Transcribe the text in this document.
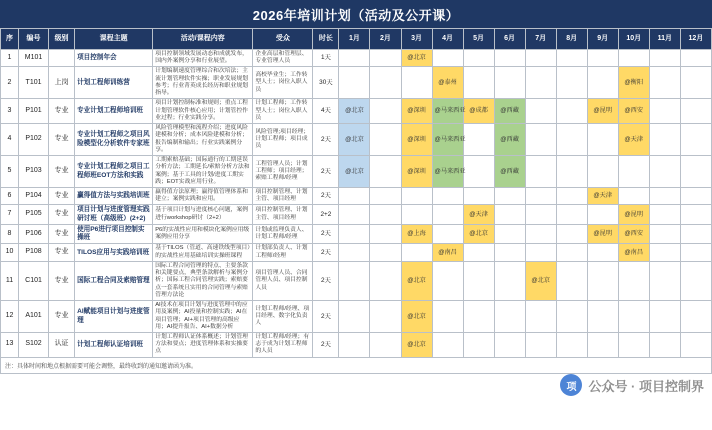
2026年培训计划（活动及公开课）
序	编号	级别	课程主题	活动/课程内容	受众	时长	1月	2月	3月	4月	5月	6月	7月	8月	9月	10月	11月	12月
1	M101		项目控制年会	项目控制领域发展动态和成就发布，国内外案例分享和行业展望。	企业高层和管理层、专业管理人员	1天			@北京									
2	T101	上岗	计划工程师训练营	计划编制速度管理综合和次培法；主流计划管理软件实操；职业发展规划参考；行业菁英成长经历和职业规划指导。	高校毕业生；工作转型人士；岗位入职人员	30天				@泰州						@衡阳		
3	P101	专业	专业计划工程师培训班	项目计划控制标准和规则；重点工程计划管理软件核心应用；计划管控作业过程；行业实践分享。	计划工程师；工作转型人士；岗位入职人员	4天	@北京		@深圳	@马来西亚	@成都	@西藏			@昆明	@西安		
4	P102	专业	专业计划工程师之项目风险模型化分析软件专家班	风险管理模型和流程介绍；进度风险建模和分析；成本风险建模和分析；报告编制和输出；行业实践案例分享。	风险管理;项目经理；计划工程师；项目成员	2天	@北京		@深圳	@马来西亚		@西藏				@天津		
5	P103	专业	专业计划工程师之项目工程师班EOT方法和实践	工期索赔基础；国际通行的工期延误分析方法；工期延长/索赔分析方法和案例；基于工具的计划/进度工期实践；EOT实战应用行业。	工程管理人员；计划工程师；项目经理；索赔工程师/经理	2天	@北京		@深圳	@马来西亚		@西藏						
6	P104	专业	赢得值方法与实践培训班	赢得值方法原理；赢得值管理体系和建立；案例实践和应用。	项目控制管理、计划主管、项目经理	2天									@天津			
7	P105	专业	项目计划与进度管理实践研讨班（高级班）(2+2)	基于项目计划与进度核心问题，案例进行workshop研讨（2+2）	项目控制管理、计划主管、项目经理	2+2					@天津					@昆明		
8	P106	专业	使用P6进行项目控制实操班	P6的实战性应用和模块化案例应用级案例应用分享	计划或监理负责人、计划工程师/经理	2天			@上海		@北京				@昆明	@西安		
10	P108	专业	TILOS应用与实践培训班	基于TILOS（管道、高速铁线型项目）的实战性应用基础培训实操班课程	计划部负责人、计划工程师/经理	2天				@南昌						@南昌		
11	C101	专业	国际工程合同及索赔管理	国际工程合同管理的特点、主要条款和关键要点，典型条款解析与案例分析；国际工程合同管理实践；索赔要点一套系统且实用的合同管理与索赔管理方法论	项目管理人员、合同管理人员、项目控制人员	2天			@北京				@北京					
12	A101	专业	AI赋能项目计划与进度管理	AI技术在项目计划与进度管理中的应用及案例；AI投量和控制实践；AI在项目管理；AI+项目管理的高级应用；AI提升报告、AI+数据分析	计划工程师/经理、项目经理、数字化负责人	2天			@北京									
13	S102	认证	计划工程师认证培训班	计划工程师认证体系概述；计划管理方法和要点；进度管理体系和实操要点	计划工程师/经理；有志于成为计划工程师的人员	2天			@北京									
注：具体时间和地点根据需要可能会调整，最终收到的通知邀请函为准。
项 公众号 · 项目控制界
